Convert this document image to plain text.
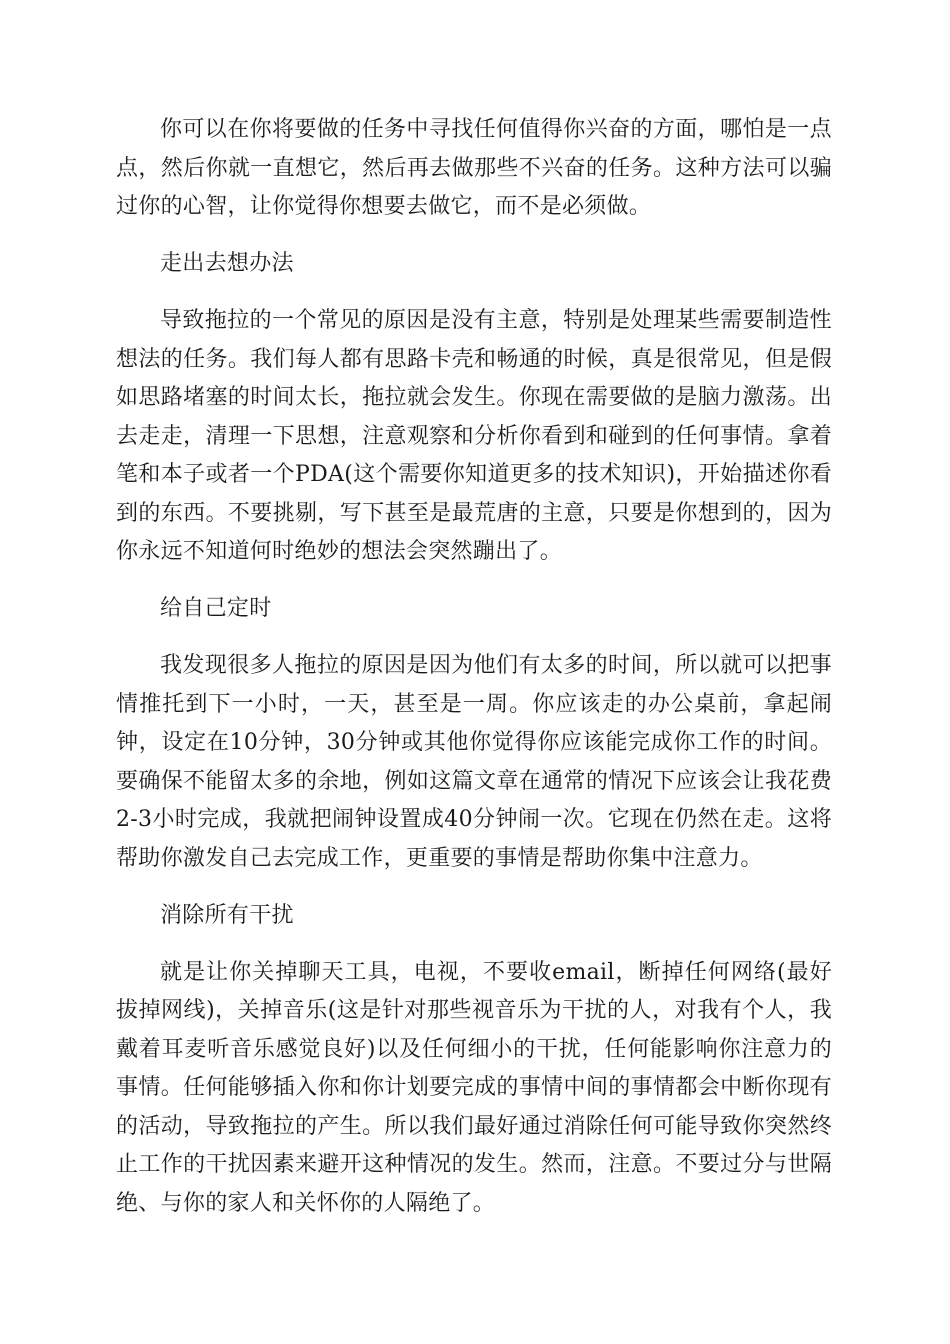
你可以在你将要做的任务中寻找任何值得你兴奋的方面，哪怕是一点点，然后你就一直想它，然后再去做那些不兴奋的任务。这种方法可以骗过你的心智，让你觉得你想要去做它，而不是必须做。

走出去想办法

导致拖拉的一个常见的原因是没有主意，特别是处理某些需要制造性想法的任务。我们每人都有思路卡壳和畅通的时候，真是很常见，但是假如思路堵塞的时间太长，拖拉就会发生。你现在需要做的是脑力激荡。出去走走，清理一下思想，注意观察和分析你看到和碰到的任何事情。拿着笔和本子或者一个PDA(这个需要你知道更多的技术知识)，开始描述你看到的东西。不要挑剔，写下甚至是最荒唐的主意，只要是你想到的，因为你永远不知道何时绝妙的想法会突然蹦出了。

给自己定时

我发现很多人拖拉的原因是因为他们有太多的时间，所以就可以把事情推托到下一小时，一天，甚至是一周。你应该走的办公桌前，拿起闹钟，设定在10分钟，30分钟或其他你觉得你应该能完成你工作的时间。要确保不能留太多的余地，例如这篇文章在通常的情况下应该会让我花费2-3小时完成，我就把闹钟设置成40分钟闹一次。它现在仍然在走。这将帮助你激发自己去完成工作，更重要的事情是帮助你集中注意力。

消除所有干扰

就是让你关掉聊天工具，电视，不要收email，断掉任何网络(最好拔掉网线)，关掉音乐(这是针对那些视音乐为干扰的人，对我有个人，我戴着耳麦听音乐感觉良好)以及任何细小的干扰，任何能影响你注意力的事情。任何能够插入你和你计划要完成的事情中间的事情都会中断你现有的活动，导致拖拉的产生。所以我们最好通过消除任何可能导致你突然终止工作的干扰因素来避开这种情况的发生。然而，注意。不要过分与世隔绝、与你的家人和关怀你的人隔绝了。
